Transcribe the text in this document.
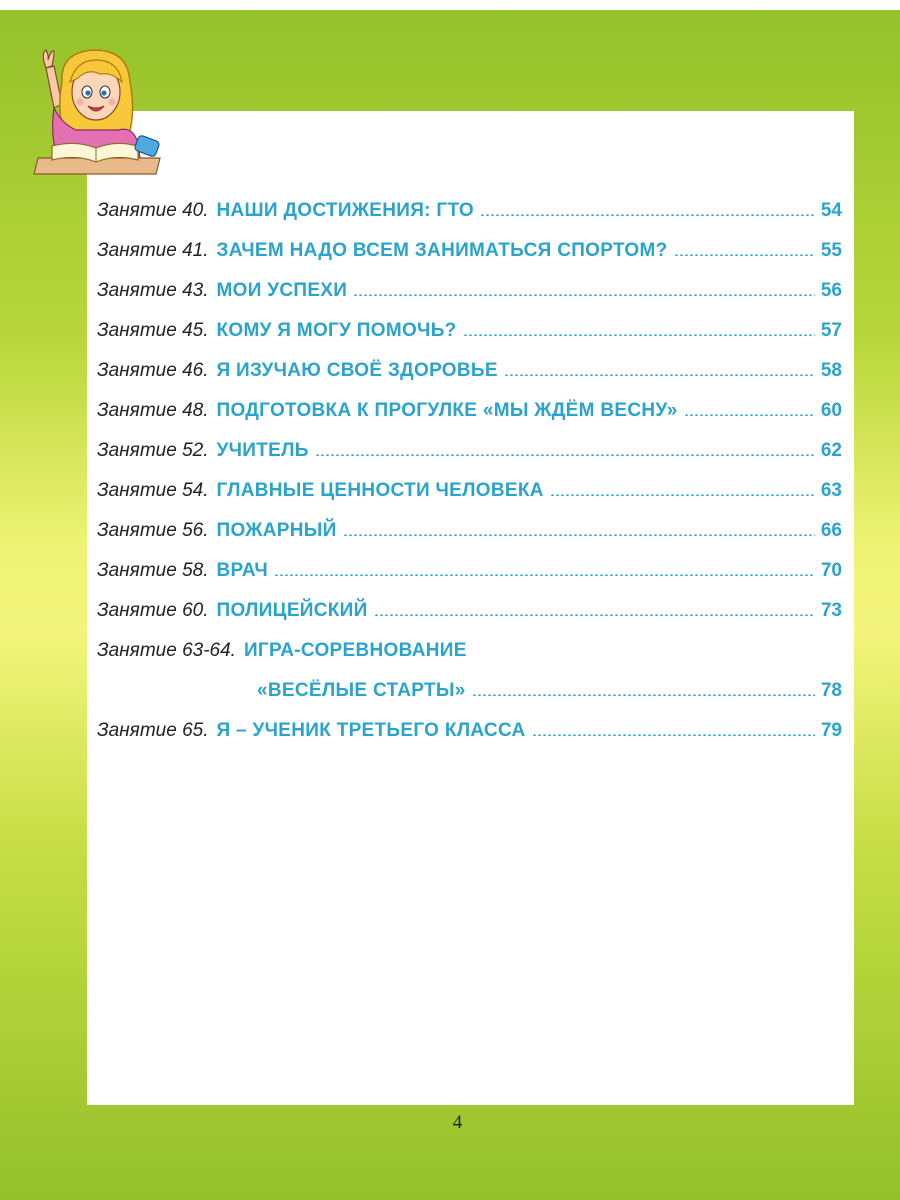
Занятие 40. НАШИ ДОСТИЖЕНИЯ: ГТО	54
Занятие 41. ЗАЧЕМ НАДО ВСЕМ ЗАНИМАТЬСЯ СПОРТОМ?	55
Занятие 43. МОИ УСПЕХИ	56
Занятие 45. КОМУ Я МОГУ ПОМОЧЬ?	57
Занятие 46. Я ИЗУЧАЮ СВОЁ ЗДОРОВЬЕ	58
Занятие 48. ПОДГОТОВКА К ПРОГУЛКЕ «МЫ ЖДЁМ ВЕСНУ»	60
Занятие 52. УЧИТЕЛЬ	62
Занятие 54. ГЛАВНЫЕ ЦЕННОСТИ ЧЕЛОВЕКА	63
Занятие 56. ПОЖАРНЫЙ	66
Занятие 58. ВРАЧ	70
Занятие 60. ПОЛИЦЕЙСКИЙ	73
Занятие 63-64. ИГРА-СОРЕВНОВАНИЕ
«ВЕСЁЛЫЕ СТАРТЫ»	78
Занятие 65. Я – УЧЕНИК ТРЕТЬЕГО КЛАССА	79
4
